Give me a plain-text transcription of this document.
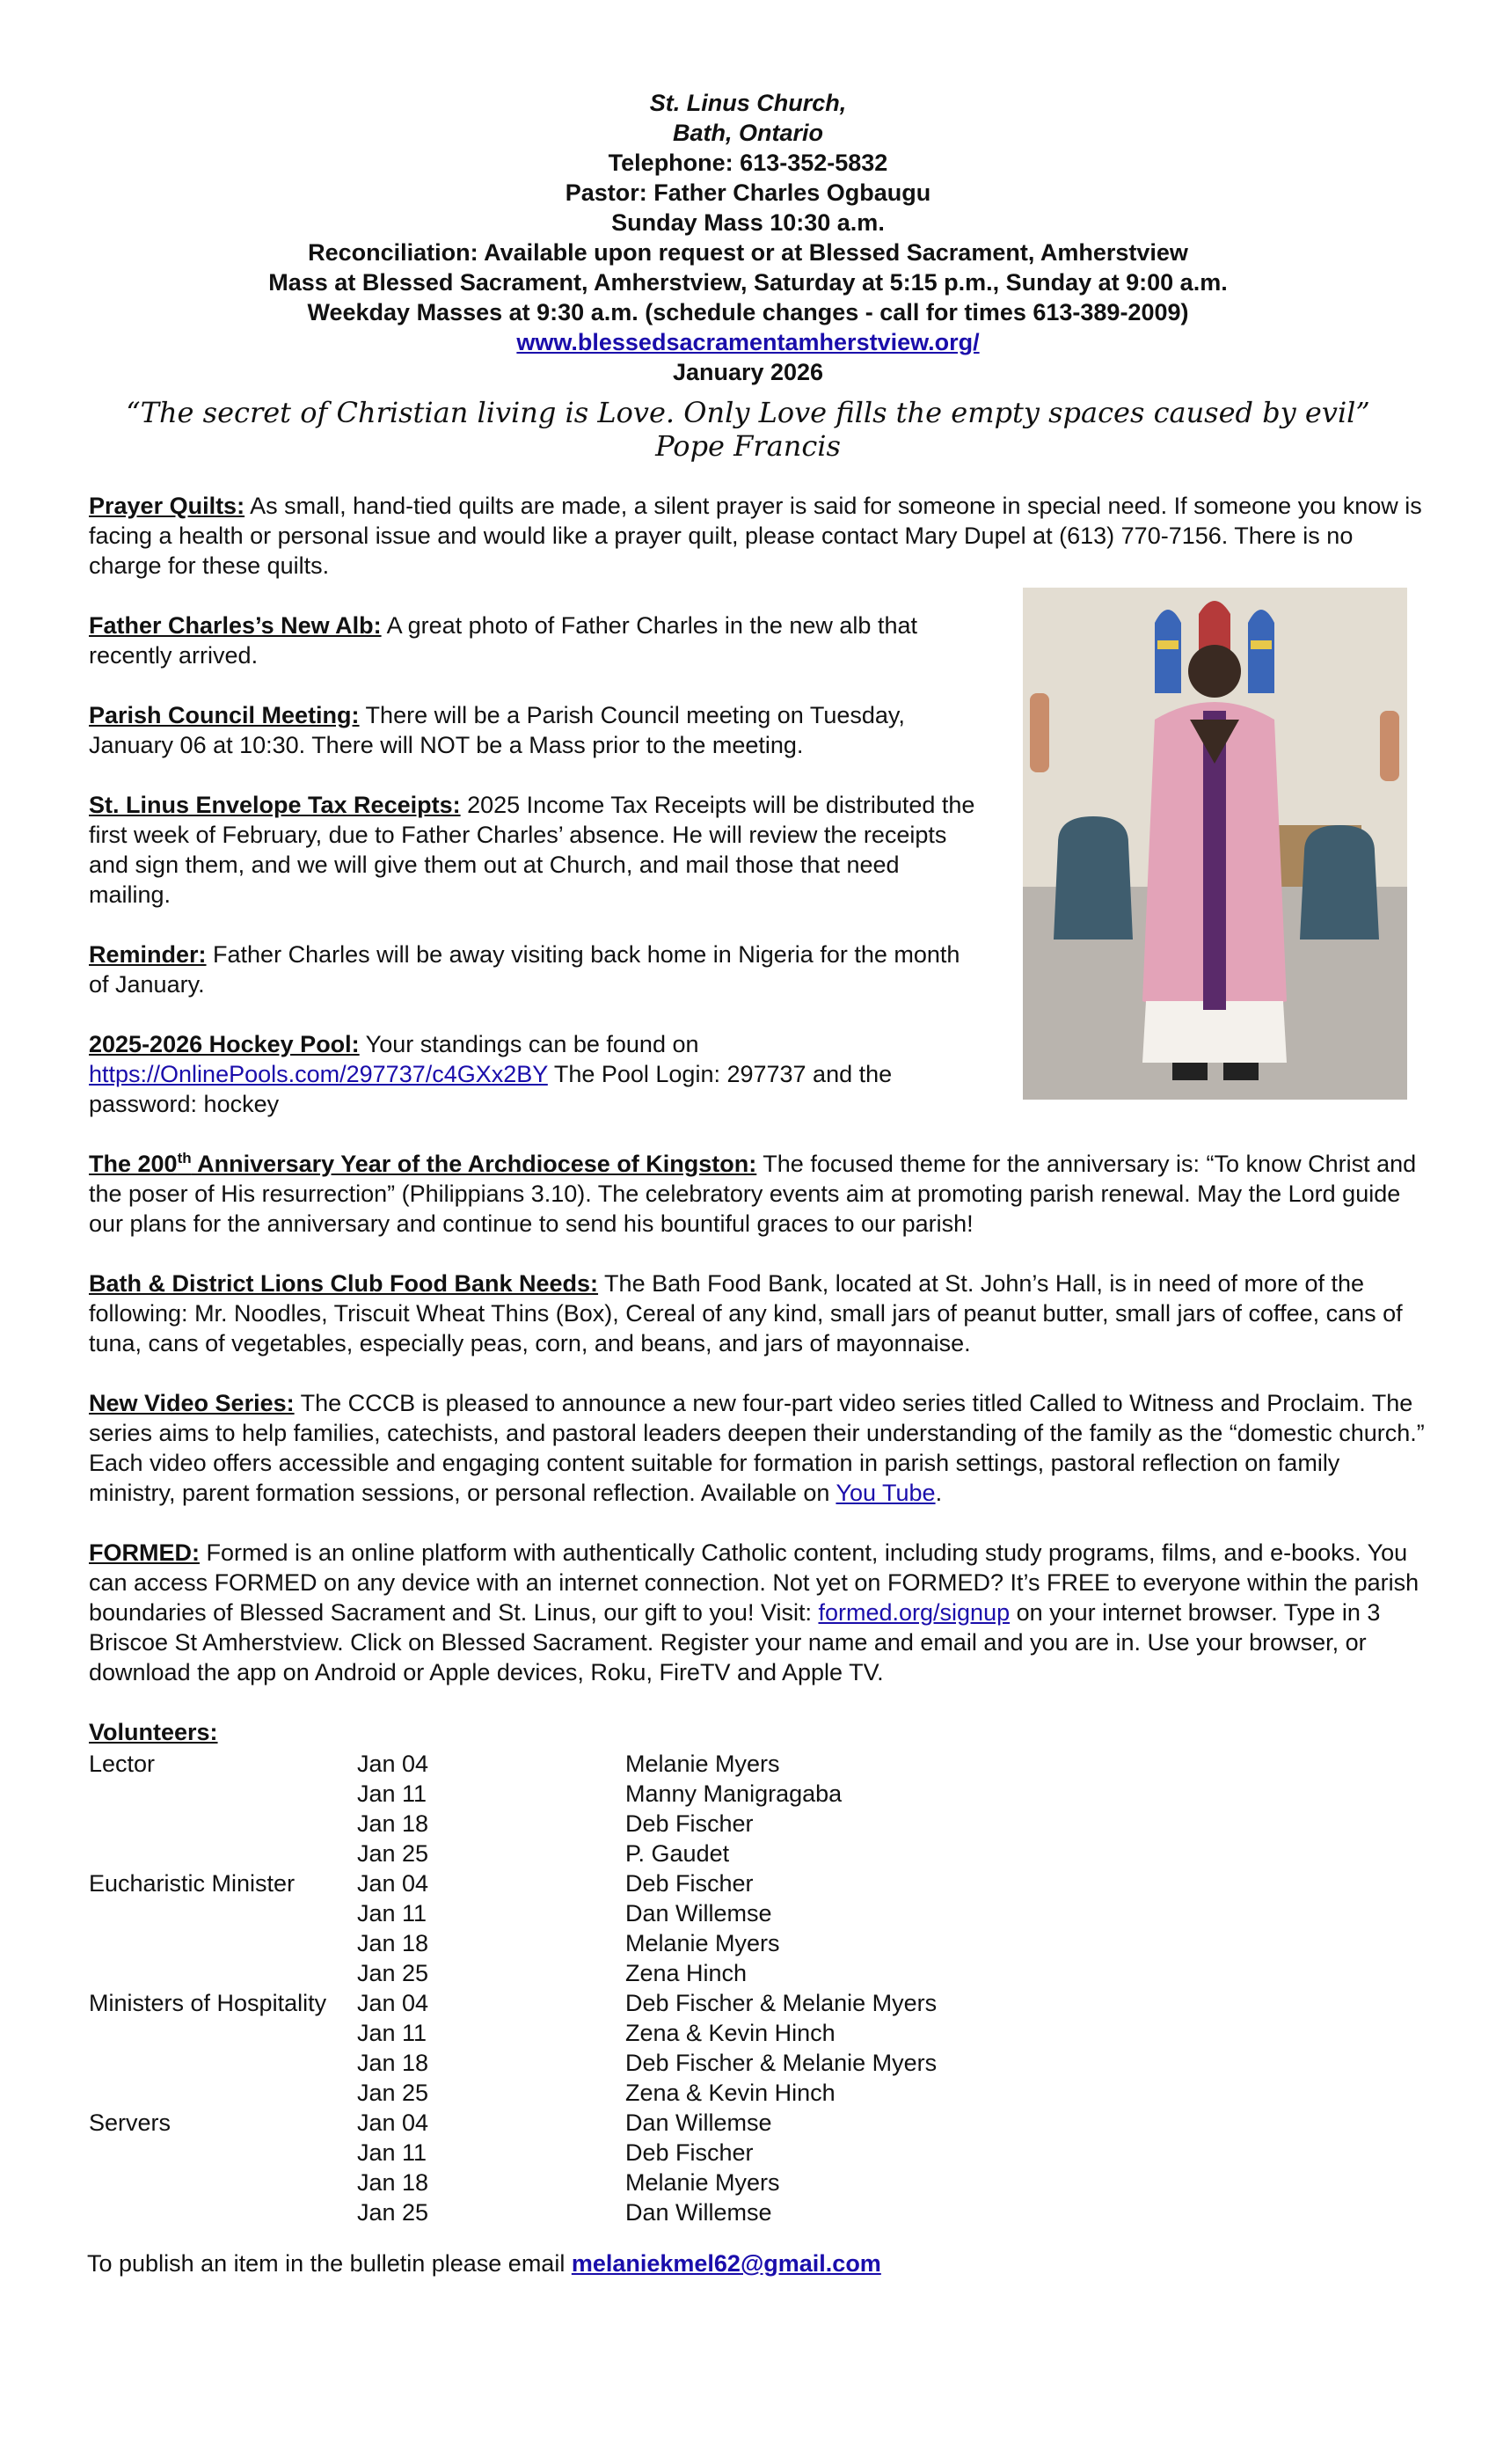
St. Linus Church,
Bath, Ontario
Telephone: 613-352-5832
Pastor: Father Charles Ogbaugu
Sunday Mass 10:30 a.m.
Reconciliation: Available upon request or at Blessed Sacrament, Amherstview
Mass at Blessed Sacrament, Amherstview, Saturday at 5:15 p.m., Sunday at 9:00 a.m.
Weekday Masses at 9:30 a.m. (schedule changes - call for times 613-389-2009)
www.blessedsacramentamherstview.org/
January 2026
“The secret of Christian living is Love. Only Love fills the empty spaces caused by evil”
Pope Francis

Prayer Quilts: As small, hand-tied quilts are made, a silent prayer is said for someone in special need. If someone you know is facing a health or personal issue and would like a prayer quilt, please contact Mary Dupel at (613) 770-7156. There is no charge for these quilts.

Father Charles’s New Alb: A great photo of Father Charles in the new alb that recently arrived.

Parish Council Meeting: There will be a Parish Council meeting on Tuesday, January 06 at 10:30. There will NOT be a Mass prior to the meeting.

St. Linus Envelope Tax Receipts: 2025 Income Tax Receipts will be distributed the first week of February, due to Father Charles’ absence. He will review the receipts and sign them, and we will give them out at Church, and mail those that need mailing.

Reminder: Father Charles will be away visiting back home in Nigeria for the month of January.

2025-2026 Hockey Pool: Your standings can be found on https://OnlinePools.com/297737/c4GXx2BY The Pool Login: 297737 and the password: hockey

The 200th Anniversary Year of the Archdiocese of Kingston: The focused theme for the anniversary is: “To know Christ and the poser of His resurrection” (Philippians 3.10). The celebratory events aim at promoting parish renewal. May the Lord guide our plans for the anniversary and continue to send his bountiful graces to our parish!

Bath & District Lions Club Food Bank Needs: The Bath Food Bank, located at St. John’s Hall, is in need of more of the following: Mr. Noodles, Triscuit Wheat Thins (Box), Cereal of any kind, small jars of peanut butter, small jars of coffee, cans of tuna, cans of vegetables, especially peas, corn, and beans, and jars of mayonnaise.

New Video Series: The CCCB is pleased to announce a new four-part video series titled Called to Witness and Proclaim. The series aims to help families, catechists, and pastoral leaders deepen their understanding of the family as the “domestic church.” Each video offers accessible and engaging content suitable for formation in parish settings, pastoral reflection on family ministry, parent formation sessions, or personal reflection. Available on You Tube.

FORMED: Formed is an online platform with authentically Catholic content, including study programs, films, and e-books. You can access FORMED on any device with an internet connection. Not yet on FORMED? It’s FREE to everyone within the parish boundaries of Blessed Sacrament and St. Linus, our gift to you! Visit: formed.org/signup on your internet browser. Type in 3 Briscoe St Amherstview. Click on Blessed Sacrament. Register your name and email and you are in. Use your browser, or download the app on Android or Apple devices, Roku, FireTV and Apple TV.

Volunteers:
Lector	Jan 04	Melanie Myers
	Jan 11	Manny Manigragaba
	Jan 18	Deb Fischer
	Jan 25	P. Gaudet
Eucharistic Minister	Jan 04	Deb Fischer
	Jan 11	Dan Willemse
	Jan 18	Melanie Myers
	Jan 25	Zena Hinch
Ministers of Hospitality	Jan 04	Deb Fischer & Melanie Myers
	Jan 11	Zena & Kevin Hinch
	Jan 18	Deb Fischer & Melanie Myers
	Jan 25	Zena & Kevin Hinch
Servers	Jan 04	Dan Willemse
	Jan 11	Deb Fischer
	Jan 18	Melanie Myers
	Jan 25	Dan Willemse
To publish an item in the bulletin please email melaniekmel62@gmail.com
